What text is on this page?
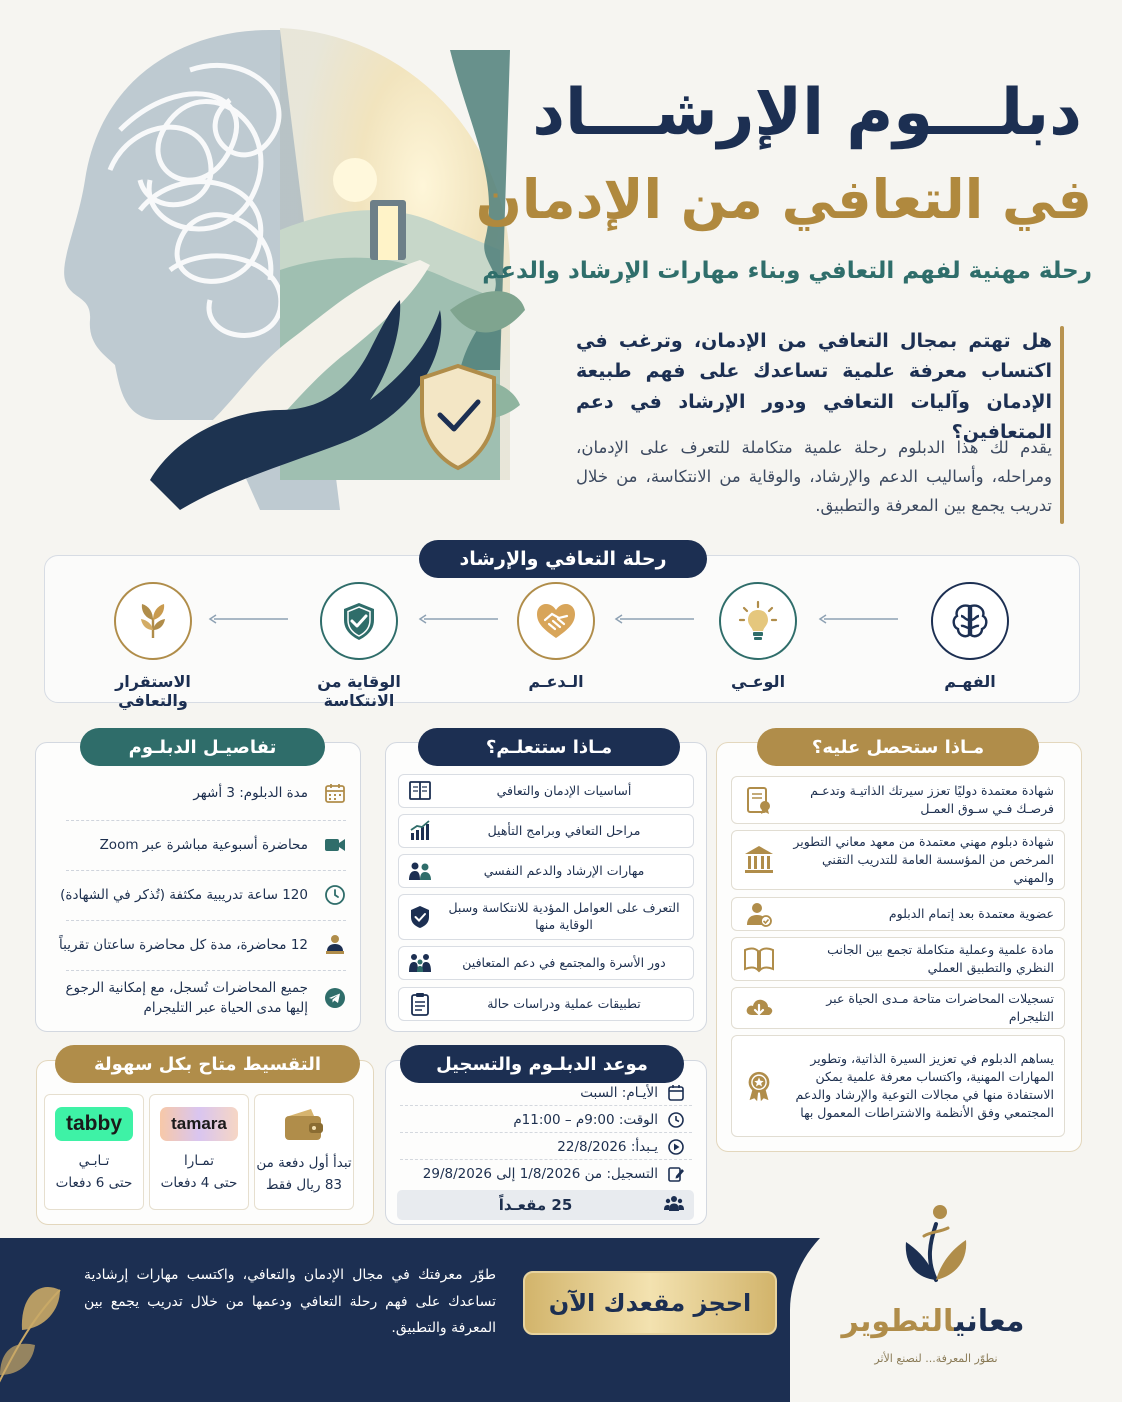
دبلـــوم الإرشـــاد
في التعافي من الإدمان
رحلة مهنية لفهم التعافي وبناء مهارات الإرشاد والدعم
هل تهتم بمجال التعافي من الإدمان، وترغب في اكتساب معرفة علمية تساعدك على فهم طبيعة الإدمان وآليات التعافي ودور الإرشاد في دعم المتعافين؟
يقدم لك هذا الدبلوم رحلة علمية متكاملة للتعرف على الإدمان، ومراحله، وأساليب الدعم والإرشاد، والوقاية من الانتكاسة، من خلال تدريب يجمع بين المعرفة والتطبيق.
رحلة التعافي والإرشاد
الفهـم
الوعـي
الـدعـم
الوقاية من الانتكاسة
الاستقرار والتعافي
تفاصيـل الدبلـوم
مدة الدبلوم: 3 أشهر
محاضرة أسبوعية مباشرة عبر Zoom
120 ساعة تدريبية مكثفة (تُذكر في الشهادة)
12 محاضرة، مدة كل محاضرة ساعتان تقريباً
جميع المحاضرات تُسجل، مع إمكانية الرجوع إليها مدى الحياة عبر التليجرام
مـاذا ستتعلـم؟
أساسيات الإدمان والتعافي
مراحل التعافي وبرامج التأهيل
مهارات الإرشاد والدعم النفسي
التعرف على العوامل المؤدية للانتكاسة وسبل الوقاية منها
دور الأسرة والمجتمع في دعم المتعافين
تطبيقات عملية ودراسات حالة
مـاذا ستحصل عليه؟
شهادة معتمدة دوليًا تعزز سيرتك الذاتيـة وتدعـم فرصـك فـي سـوق العمـل
شهادة دبلوم مهني معتمدة من معهد معاني التطوير المرخص من المؤسسة العامة للتدريب التقني والمهني
عضوية معتمدة بعد إتمام الدبلوم
مادة علمية وعملية متكاملة تجمع بين الجانب النظري والتطبيق العملي
تسجيلات المحاضرات متاحة مـدى الحياة عبر التليجرام
يساهم الدبلوم في تعزيز السيرة الذاتية، وتطوير المهارات المهنية، واكتساب معرفة علمية يمكن الاستفادة منها في مجالات التوعية والإرشاد والدعم المجتمعي وفق الأنظمة والاشتراطات المعمول بها
التقسيط متاح بكل سهولة
تبدأ أول دفعة من
83 ريال فقط
tamara
تمـارا
حتى 4 دفعات
tabby
تـابـي
حتى 6 دفعات
موعد الدبلـوم والتسجيل
الأيـام: السبت
الوقت: 9:00م – 11:00م
يـبدأ: 22/8/2026
التسجيل: من 1/8/2026 إلى 29/8/2026
25 مقعـداً
طوّر معرفتك في مجال الإدمان والتعافي، واكتسب مهارات إرشادية تساعدك على فهم رحلة التعافي ودعمها من خلال تدريب يجمع بين المعرفة والتطبيق.
احجز مقعدك الآن
معانيالتطوير
نطوّر المعرفة... لنصنع الأثر
